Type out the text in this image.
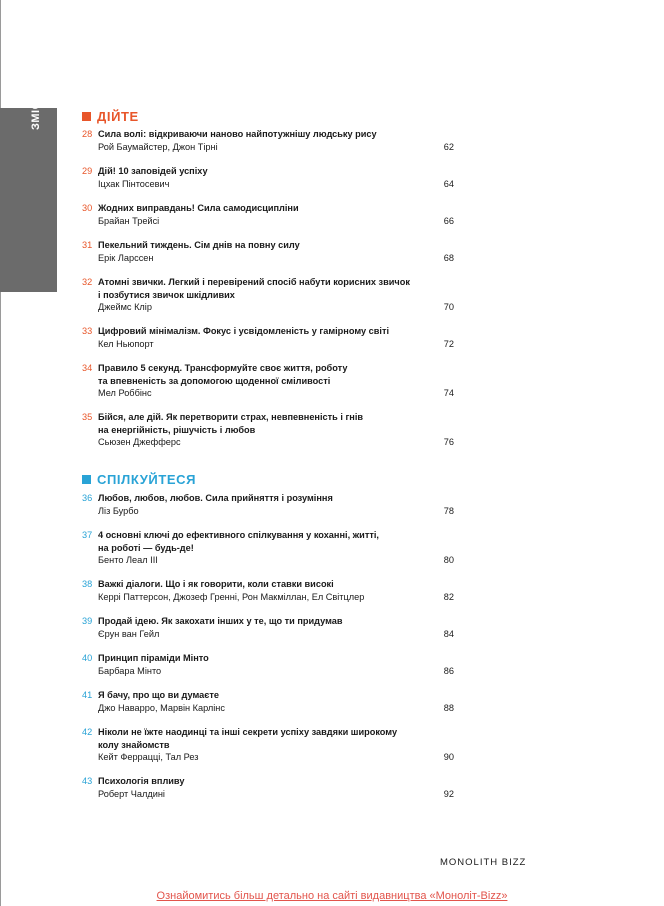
ЗМІСТ	ДІЙТЕ
28 Сила волі: відкриваючи наново найпотужнішу людську рису
Рой Баумайстер, Джон Тірні	62
29 Дій! 10 заповідей успіху
Іцхак Пінтосевич	64
30 Жодних виправдань! Сила самодисципліни
Брайан Трейсі	66
31 Пекельний тиждень. Сім днів на повну силу
Ерік Ларссен	68
32 Атомні звички. Легкий і перевірений спосіб набути корисних звичок
і позбутися звичок шкідливих
Джеймс Клір	70
33 Цифровий мінімалізм. Фокус і усвідомленість у гамірному світі
Кел Ньюпорт	72
34 Правило 5 секунд. Трансформуйте своє життя, роботу
та впевненість за допомогою щоденної сміливості
Мел Роббінс	74
35 Бійся, але дій. Як перетворити страх, невпевненість і гнів
на енергійність, рішучість і любов
Сьюзен Джефферс	76
СПІЛКУЙТЕСЯ
36 Любов, любов, любов. Сила прийняття і розуміння
Ліз Бурбо	78
37 4 основні ключі до ефективного спілкування у коханні, житті,
на роботі — будь-де!
Бенто Леал ІІІ	80
38 Важкі діалоги. Що і як говорити, коли ставки високі
Керрі Паттерсон, Джозеф Гренні, Рон Макміллан, Ел Світцлер	82
39 Продай ідею. Як закохати інших у те, що ти придумав
Єрун ван Гейл	84
40 Принцип піраміди Мінто
Барбара Мінто	86
41 Я бачу, про що ви думаєте
Джо Наварро, Марвін Карлінс	88
42 Ніколи не їжте наодинці та інші секрети успіху завдяки широкому
колу знайомств
Кейт Феррацці, Тал Рез	90
43 Психологія впливу
Роберт Чалдині	92
MONOLITH BIZZ
Ознайомитись більш детально на сайті видавництва «Моноліт-Bizz»
